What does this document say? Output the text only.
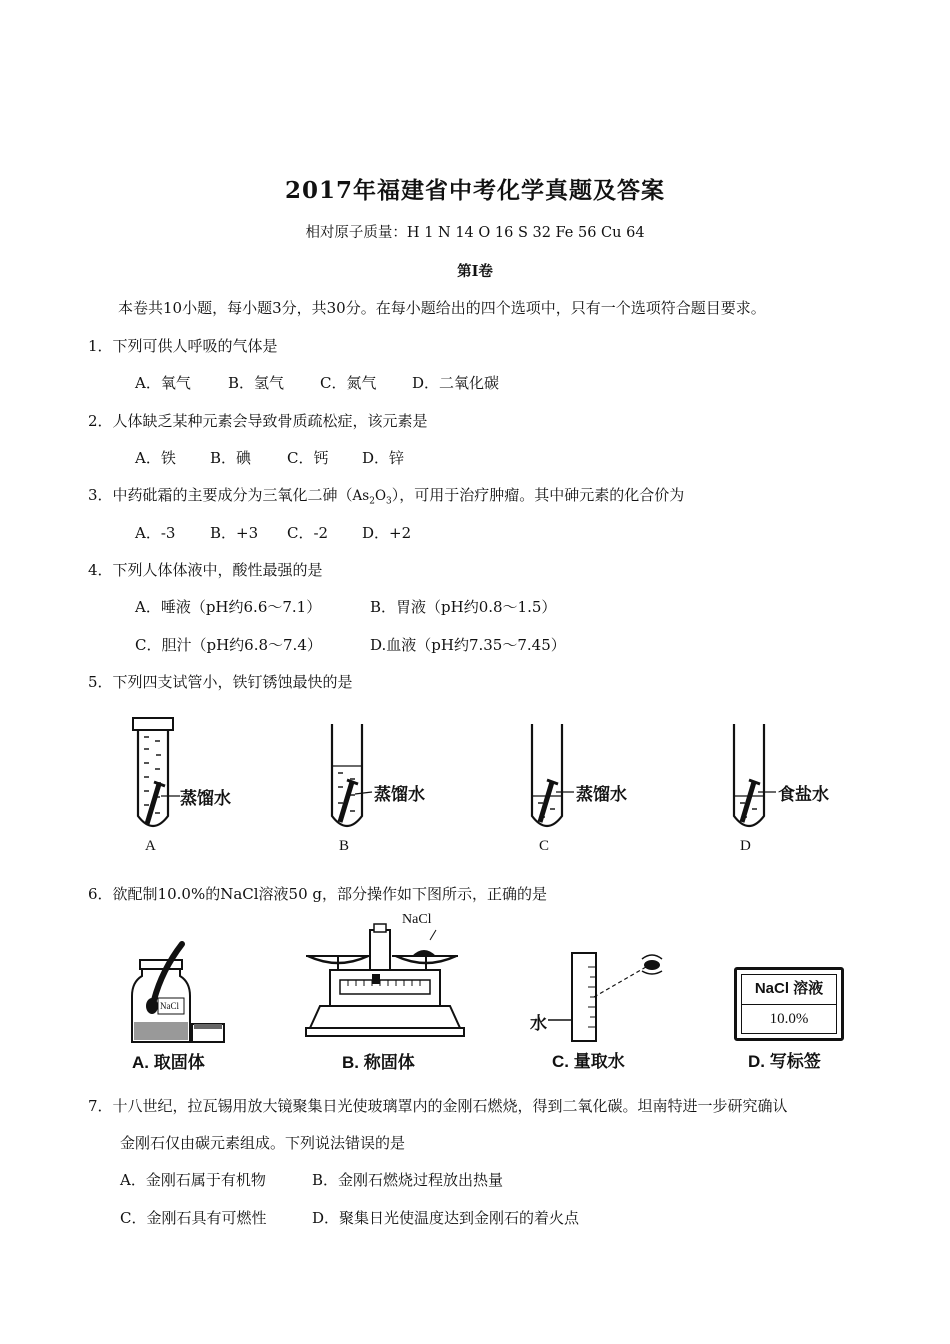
2017年福建省中考化学真题及答案
相对原子质量：H 1 N 14 O 16 S 32 Fe 56 Cu 64
第Ⅰ卷
本卷共10小题，每小题3分，共30分。在每小题给出的四个选项中，只有一个选项符合题目要求。
1．下列可供人呼吸的气体是
A．氧气 B．氢气 C．氮气 D．二氧化碳
2．人体缺乏某种元素会导致骨质疏松症，该元素是
A．铁 B．碘 C．钙 D．锌
3．中药砒霜的主要成分为三氧化二砷$(As_2O_3)$，可用于治疗肿瘤。其中砷元素的化合价为
A．-3 B．+3 C．-2 D．+2
4．下列人体体液中，酸性最强的是
A．唾液（pH约6.6～7.1）	B．胃液（pH约0.8～1.5）
C．胆汁（pH约6.8～7.4）	D.血液（pH约7.35～7.45）
5．下列四支试管小，铁钉锈蚀最快的是
蒸馏水
A
蒸馏水
B
蒸馏水
C
食盐水
D
6．欲配制10.0%的NaCl溶液50 g，部分操作如下图所示，正确的是
NaCl
A. 取固体
NaCl
B. 称固体
水
C. 量取水
NaCl 溶液
10.0%
D. 写标签
7．十八世纪，拉瓦锡用放大镜聚集日光使玻璃罩内的金刚石燃烧，得到二氧化碳。坦南特进一步研究确认
金刚石仅由碳元素组成。下列说法错误的是
A．金刚石属于有机物	B．金刚石燃烧过程放出热量
C．金刚石具有可燃性	D．聚集日光使温度达到金刚石的着火点
